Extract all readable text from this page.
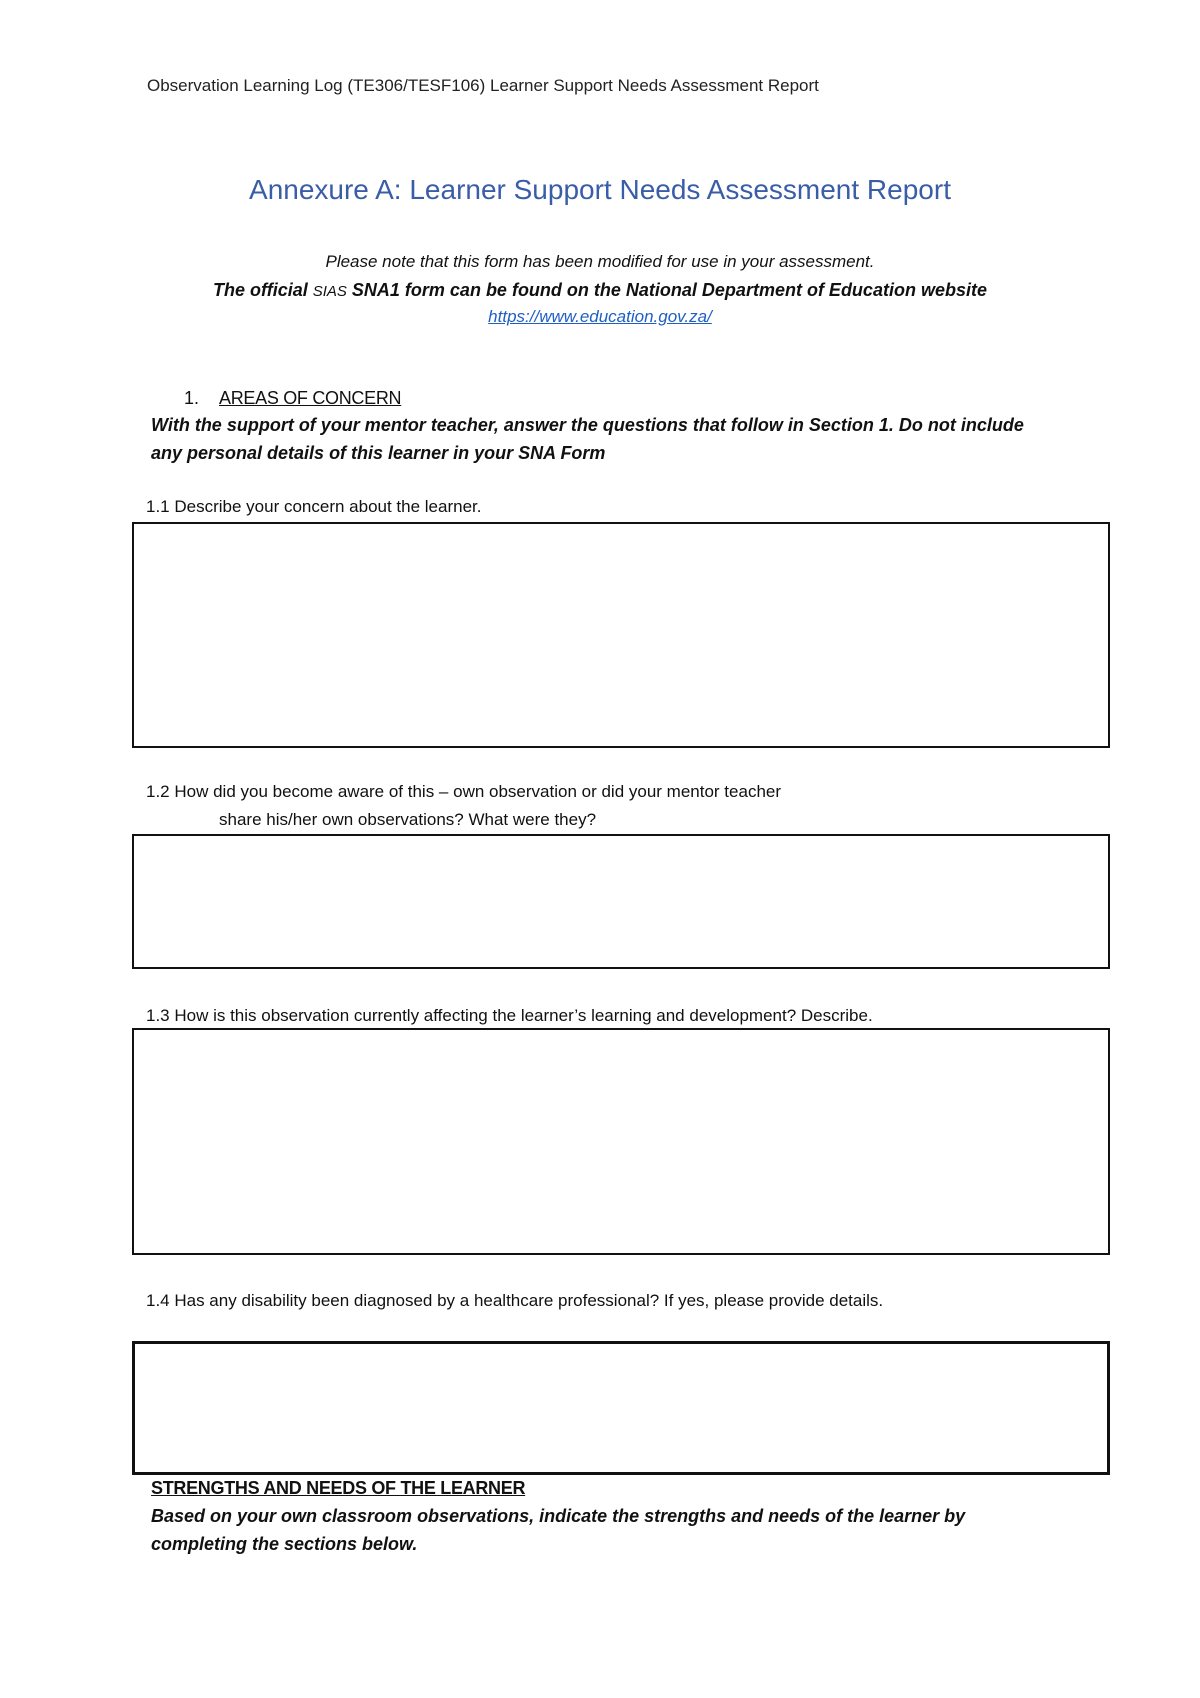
Observation Learning Log (TE306/TESF106) Learner Support Needs Assessment Report
Annexure A: Learner Support Needs Assessment Report
Please note that this form has been modified for use in your assessment.
The official SIAS SNA1 form can be found on the National Department of Education website
https://www.education.gov.za/
1. AREAS OF CONCERN
With the support of your mentor teacher, answer the questions that follow in Section 1. Do not include any personal details of this learner in your SNA Form
1.1 Describe your concern about the learner.
1.2 How did you become aware of this – own observation or did your mentor teacher
share his/her own observations? What were they?
1.3 How is this observation currently affecting the learner’s learning and development? Describe.
1.4 Has any disability been diagnosed by a healthcare professional? If yes, please provide details.
STRENGTHS AND NEEDS OF THE LEARNER
Based on your own classroom observations, indicate the strengths and needs of the learner by completing the sections below.
